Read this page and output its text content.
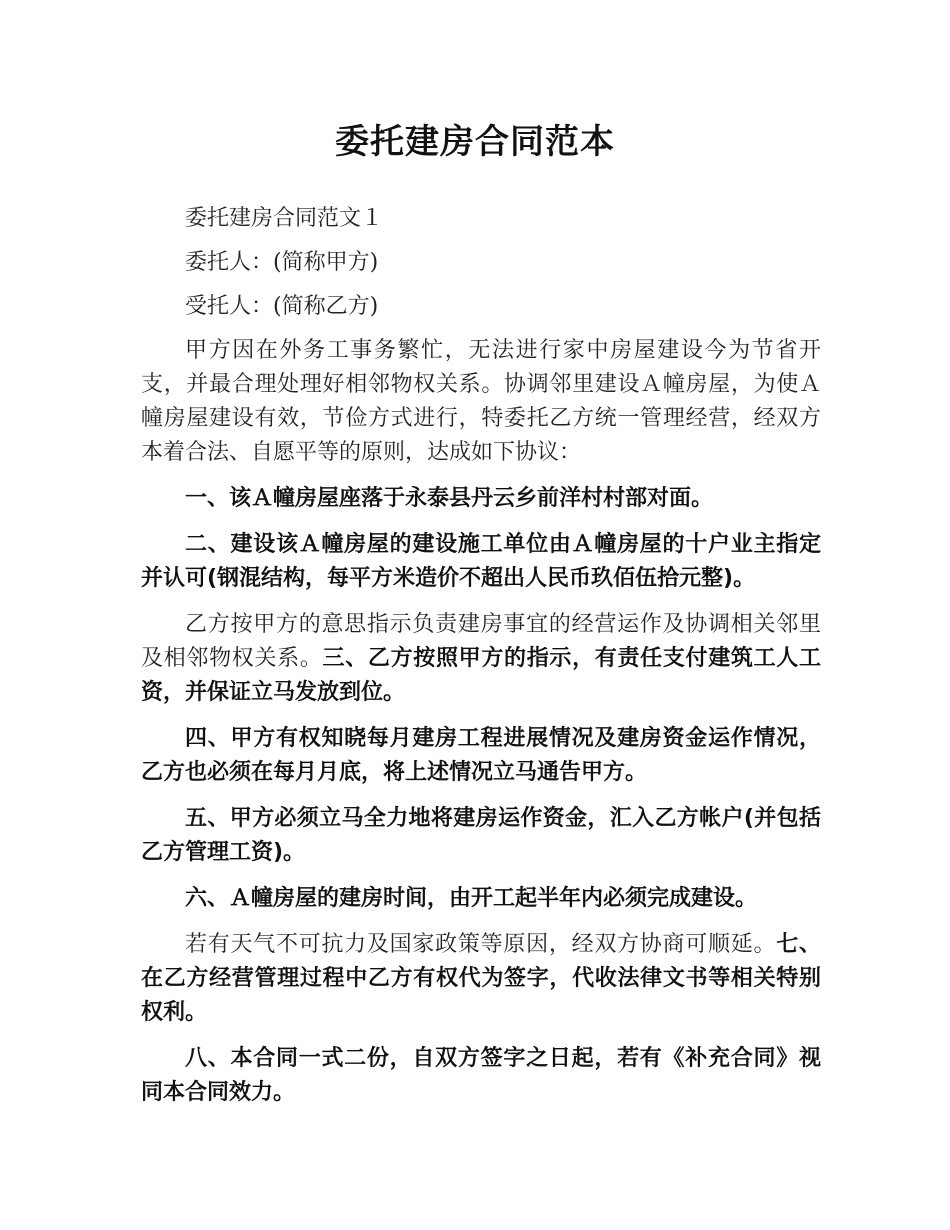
委托建房合同范本

委托建房合同范文１

委托人：(简称甲方)

受托人：(简称乙方)

甲方因在外务工事务繁忙，无法进行家中房屋建设今为节省开支，并最合理处理好相邻物权关系。协调邻里建设Ａ幢房屋，为使Ａ幢房屋建设有效，节俭方式进行，特委托乙方统一管理经营，经双方本着合法、自愿平等的原则，达成如下协议：

一、该Ａ幢房屋座落于永泰县丹云乡前洋村村部对面。

二、建设该Ａ幢房屋的建设施工单位由Ａ幢房屋的十户业主指定并认可(钢混结构，每平方米造价不超出人民币玖佰伍拾元整)。

乙方按甲方的意思指示负责建房事宜的经营运作及协调相关邻里及相邻物权关系。三、乙方按照甲方的指示，有责任支付建筑工人工资，并保证立马发放到位。

四、甲方有权知晓每月建房工程进展情况及建房资金运作情况，乙方也必须在每月月底，将上述情况立马通告甲方。

五、甲方必须立马全力地将建房运作资金，汇入乙方帐户(并包括乙方管理工资)。

六、Ａ幢房屋的建房时间，由开工起半年内必须完成建设。

若有天气不可抗力及国家政策等原因，经双方协商可顺延。七、在乙方经营管理过程中乙方有权代为签字，代收法律文书等相关特别权利。

八、本合同一式二份，自双方签字之日起，若有《补充合同》视同本合同效力。
